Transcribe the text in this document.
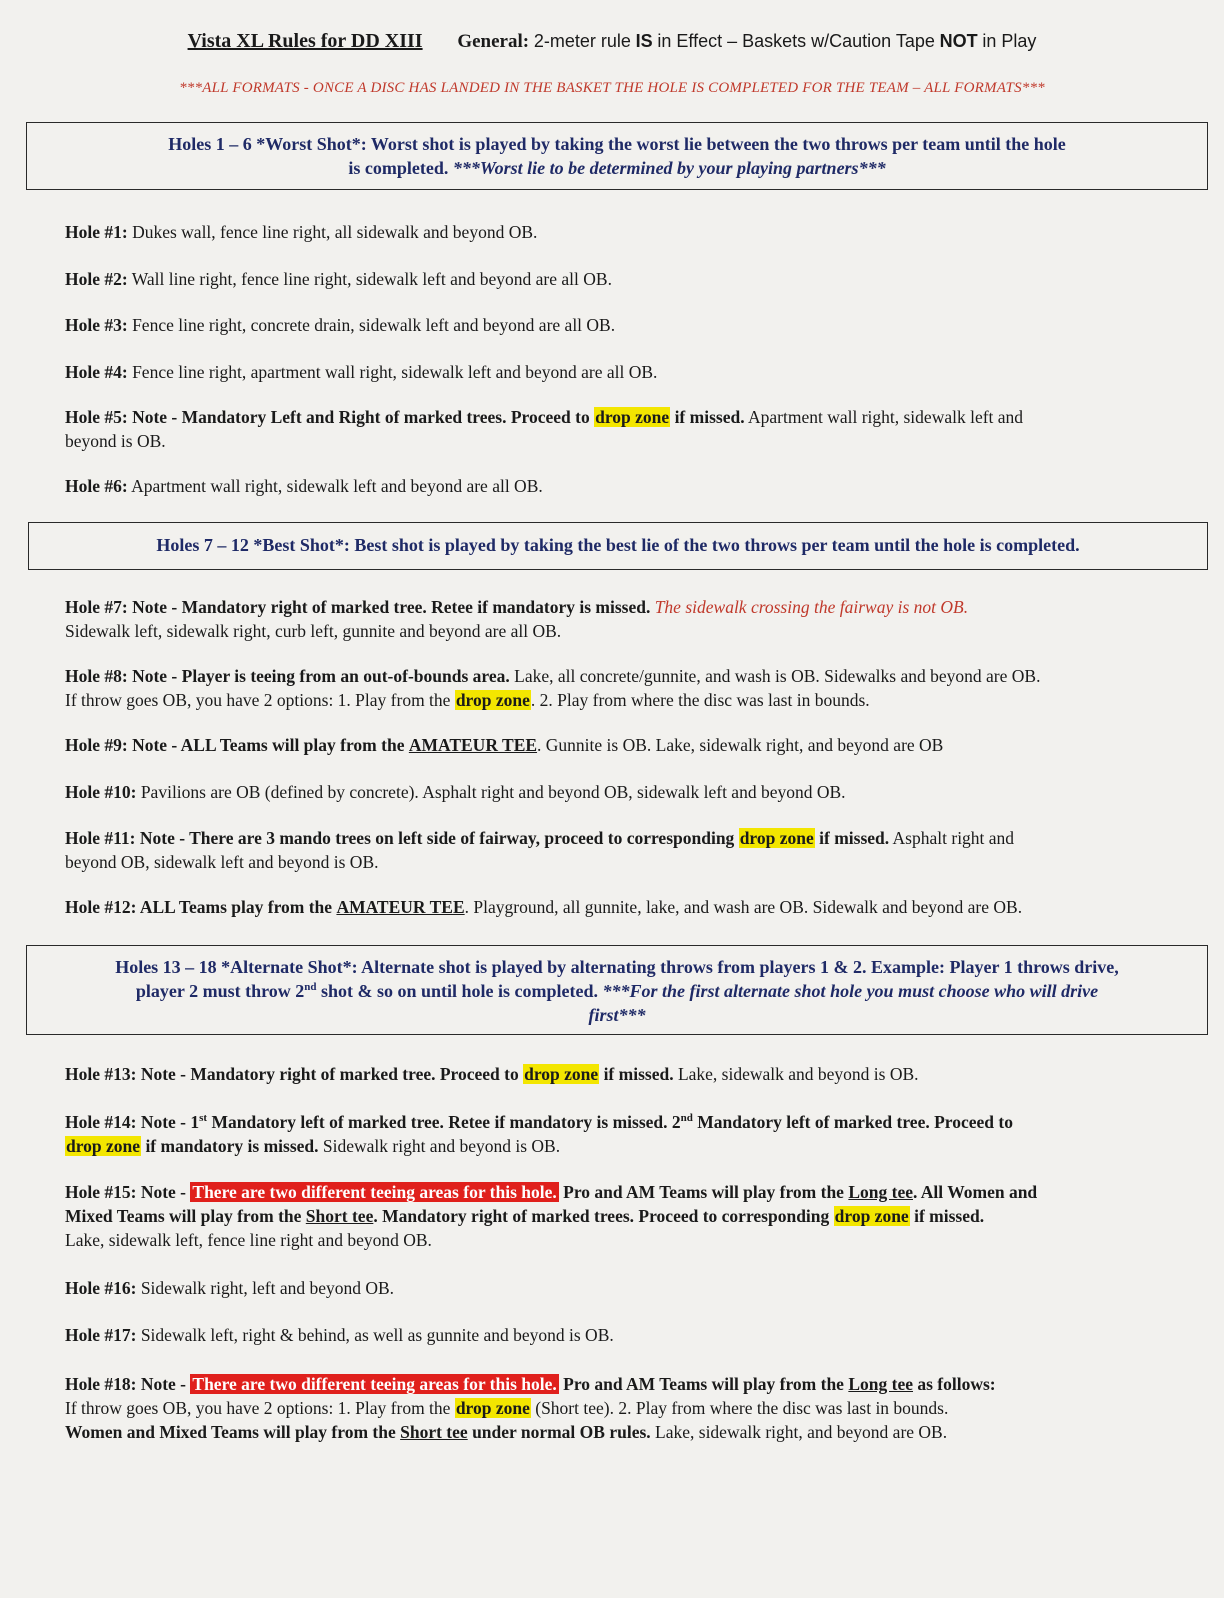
Vista XL Rules for DD XIII General: 2-meter rule IS in Effect – Baskets w/Caution Tape NOT in Play
***ALL FORMATS - ONCE A DISC HAS LANDED IN THE BASKET THE HOLE IS COMPLETED FOR THE TEAM – ALL FORMATS***
Holes 1 – 6 *Worst Shot*: Worst shot is played by taking the worst lie between the two throws per team until the hole
is completed. ***Worst lie to be determined by your playing partners***
Hole #1: Dukes wall, fence line right, all sidewalk and beyond OB.
Hole #2: Wall line right, fence line right, sidewalk left and beyond are all OB.
Hole #3: Fence line right, concrete drain, sidewalk left and beyond are all OB.
Hole #4: Fence line right, apartment wall right, sidewalk left and beyond are all OB.
Hole #5: Note - Mandatory Left and Right of marked trees. Proceed to drop zone if missed. Apartment wall right, sidewalk left and
beyond is OB.
Hole #6: Apartment wall right, sidewalk left and beyond are all OB.
Holes 7 – 12 *Best Shot*: Best shot is played by taking the best lie of the two throws per team until the hole is completed.
Hole #7: Note - Mandatory right of marked tree. Retee if mandatory is missed. The sidewalk crossing the fairway is not OB.
Sidewalk left, sidewalk right, curb left, gunnite and beyond are all OB.
Hole #8: Note - Player is teeing from an out-of-bounds area. Lake, all concrete/gunnite, and wash is OB. Sidewalks and beyond are OB.
If throw goes OB, you have 2 options: 1. Play from the drop zone. 2. Play from where the disc was last in bounds.
Hole #9: Note - ALL Teams will play from the AMATEUR TEE. Gunnite is OB. Lake, sidewalk right, and beyond are OB
Hole #10: Pavilions are OB (defined by concrete). Asphalt right and beyond OB, sidewalk left and beyond OB.
Hole #11: Note - There are 3 mando trees on left side of fairway, proceed to corresponding drop zone if missed. Asphalt right and
beyond OB, sidewalk left and beyond is OB.
Hole #12: ALL Teams play from the AMATEUR TEE. Playground, all gunnite, lake, and wash are OB. Sidewalk and beyond are OB.
Holes 13 – 18 *Alternate Shot*: Alternate shot is played by alternating throws from players 1 & 2. Example: Player 1 throws drive,
player 2 must throw 2nd shot & so on until hole is completed. ***For the first alternate shot hole you must choose who will drive
first***
Hole #13: Note - Mandatory right of marked tree. Proceed to drop zone if missed. Lake, sidewalk and beyond is OB.
Hole #14: Note - 1st Mandatory left of marked tree. Retee if mandatory is missed. 2nd Mandatory left of marked tree. Proceed to
drop zone if mandatory is missed. Sidewalk right and beyond is OB.
Hole #15: Note - There are two different teeing areas for this hole. Pro and AM Teams will play from the Long tee. All Women and
Mixed Teams will play from the Short tee. Mandatory right of marked trees. Proceed to corresponding drop zone if missed.
Lake, sidewalk left, fence line right and beyond OB.
Hole #16: Sidewalk right, left and beyond OB.
Hole #17: Sidewalk left, right & behind, as well as gunnite and beyond is OB.
Hole #18: Note - There are two different teeing areas for this hole. Pro and AM Teams will play from the Long tee as follows:
If throw goes OB, you have 2 options: 1. Play from the drop zone (Short tee). 2. Play from where the disc was last in bounds.
Women and Mixed Teams will play from the Short tee under normal OB rules. Lake, sidewalk right, and beyond are OB.
